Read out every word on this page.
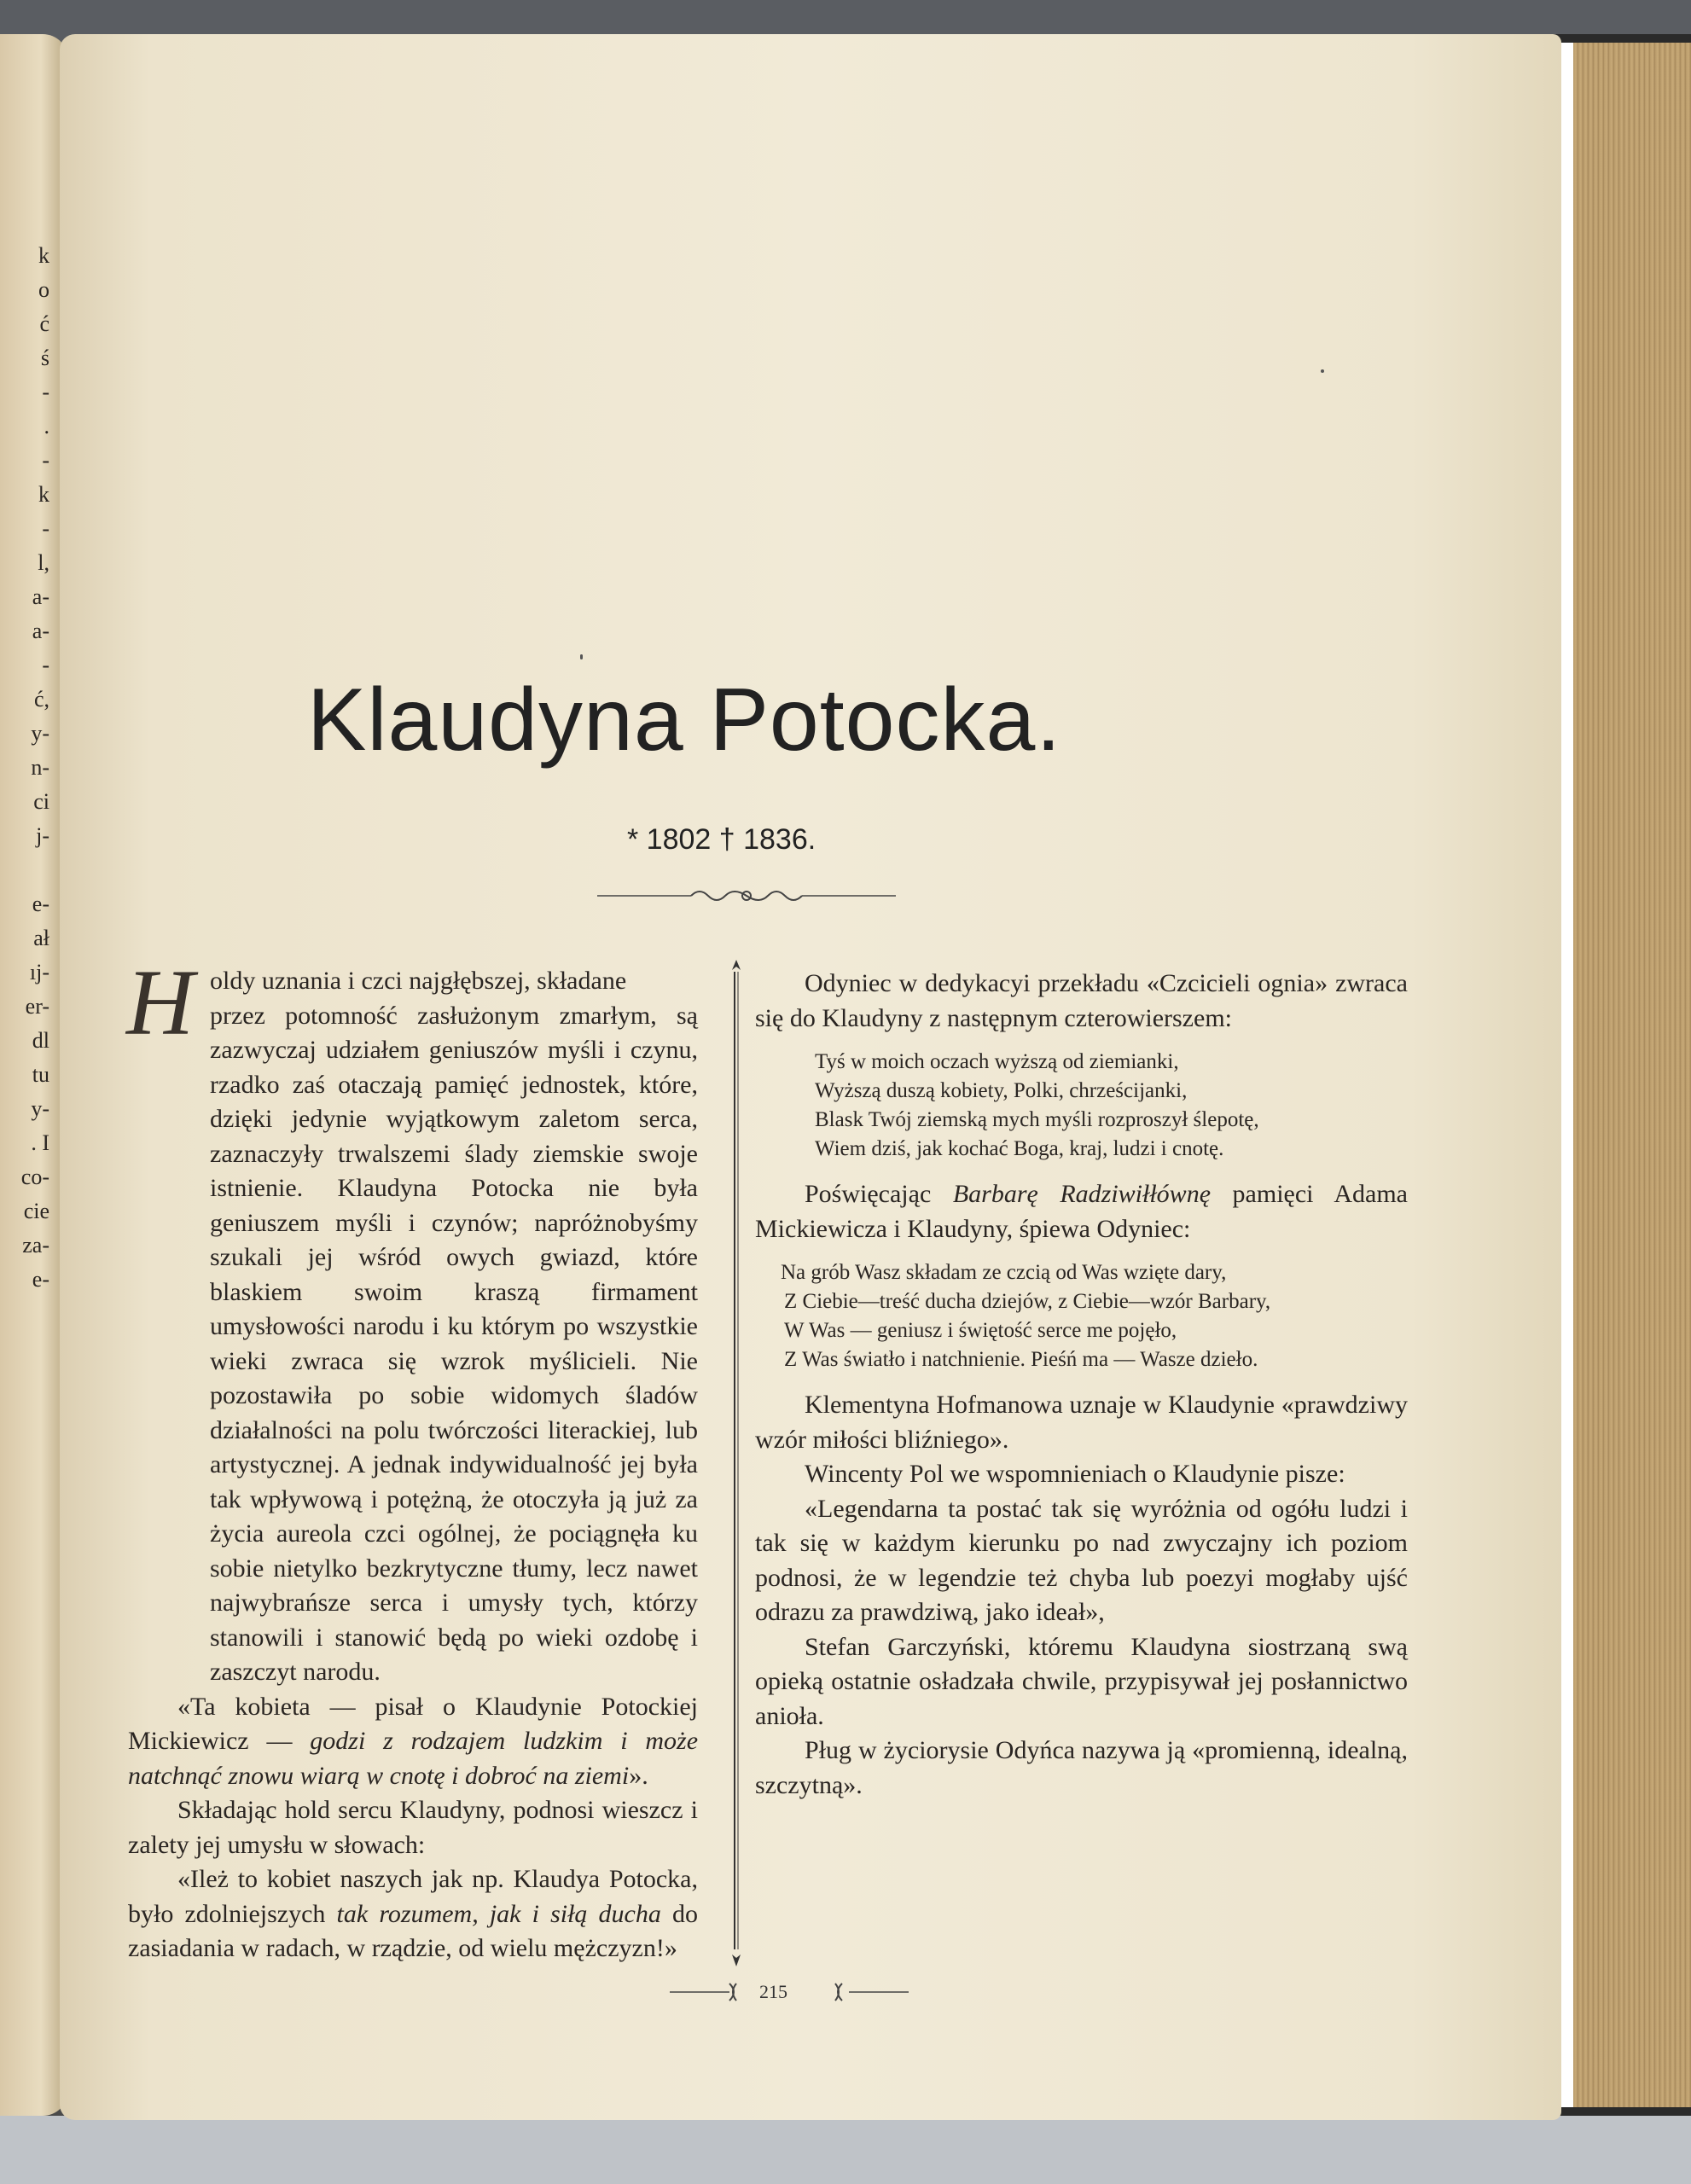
k
o
ć
ś
-
.
-
k
-
l,
a-
a-
-
ć,
y-
n-
ci
j-
e-
ał
ıj-
er-
dl
tu
y-
. I
co-
cie
za-
e-
Klaudyna Potocka.
* 1802 † 1836.
H oldy uznania i czci najgłębszej, składane

przez potomność zasłużonym zmarłym, są zazwyczaj udziałem geniuszów myśli i czynu, rzadko zaś otaczają pamięć jednostek, które, dzięki jedynie wyjątkowym zaletom serca, zaznaczyły trwalszemi ślady ziemskie swoje istnienie. Klaudyna Potocka nie była geniuszem myśli i czynów; napróżnobyśmy szukali jej wśród owych gwiazd, które blaskiem swoim kraszą firmament umysłowości narodu i ku którym po wszystkie wieki zwraca się wzrok myślicieli. Nie pozostawiła po sobie widomych śladów działalności na polu twórczości literackiej, lub artystycznej. A jednak indywidualność jej była tak wpływową i potężną, że otoczyła ją już za życia aureola czci ogólnej, że pociągnęła ku sobie nietylko bezkrytyczne tłumy, lecz nawet najwybrańsze serca i umysły tych, którzy stanowili i stanowić będą po wieki ozdobę i zaszczyt narodu.

«Ta kobieta — pisał o Klaudynie Potockiej Mickiewicz — godzi z rodzajem ludzkim i może natchnąć znowu wiarą w cnotę i dobroć na ziemi».

Składając hold sercu Klaudyny, podnosi wieszcz i zalety jej umysłu w słowach:

«Ileż to kobiet naszych jak np. Klaudya Potocka, było zdolniejszych tak rozumem, jak i siłą ducha do zasiadania w radach, w rządzie, od wielu mężczyzn!»

Odyniec w dedykacyi przekładu «Czcicieli ognia» zwraca się do Klaudyny z następnym czterowierszem:

Tyś w moich oczach wyższą od ziemianki,
Wyższą duszą kobiety, Polki, chrześcijanki,
Blask Twój ziemską mych myśli rozproszył ślepotę,
Wiem dziś, jak kochać Boga, kraj, ludzi i cnotę.

Poświęcając Barbarę Radziwiłłównę pamięci Adama Mickiewicza i Klaudyny, śpiewa Odyniec:

Na grób Wasz składam ze czcią od Was wzięte dary,
Z Ciebie—treść ducha dziejów, z Ciebie—wzór Barbary,
W Was — geniusz i świętość serce me pojęło,
Z Was światło i natchnienie. Pieśń ma — Wasze dzieło.

Klementyna Hofmanowa uznaje w Klaudynie «prawdziwy wzór miłości bliźniego».

Wincenty Pol we wspomnieniach o Klaudynie pisze:

«Legendarna ta postać tak się wyróżnia od ogółu ludzi i tak się w każdym kierunku po nad zwyczajny ich poziom podnosi, że w legendzie też chyba lub poezyi mogłaby ujść odrazu za prawdziwą, jako ideał»,

Stefan Garczyński, któremu Klaudyna siostrzaną swą opieką ostatnie osładzała chwile, przypisywał jej posłannictwo anioła.

Pług w życiorysie Odyńca nazywa ją «promienną, idealną, szczytną».

215
